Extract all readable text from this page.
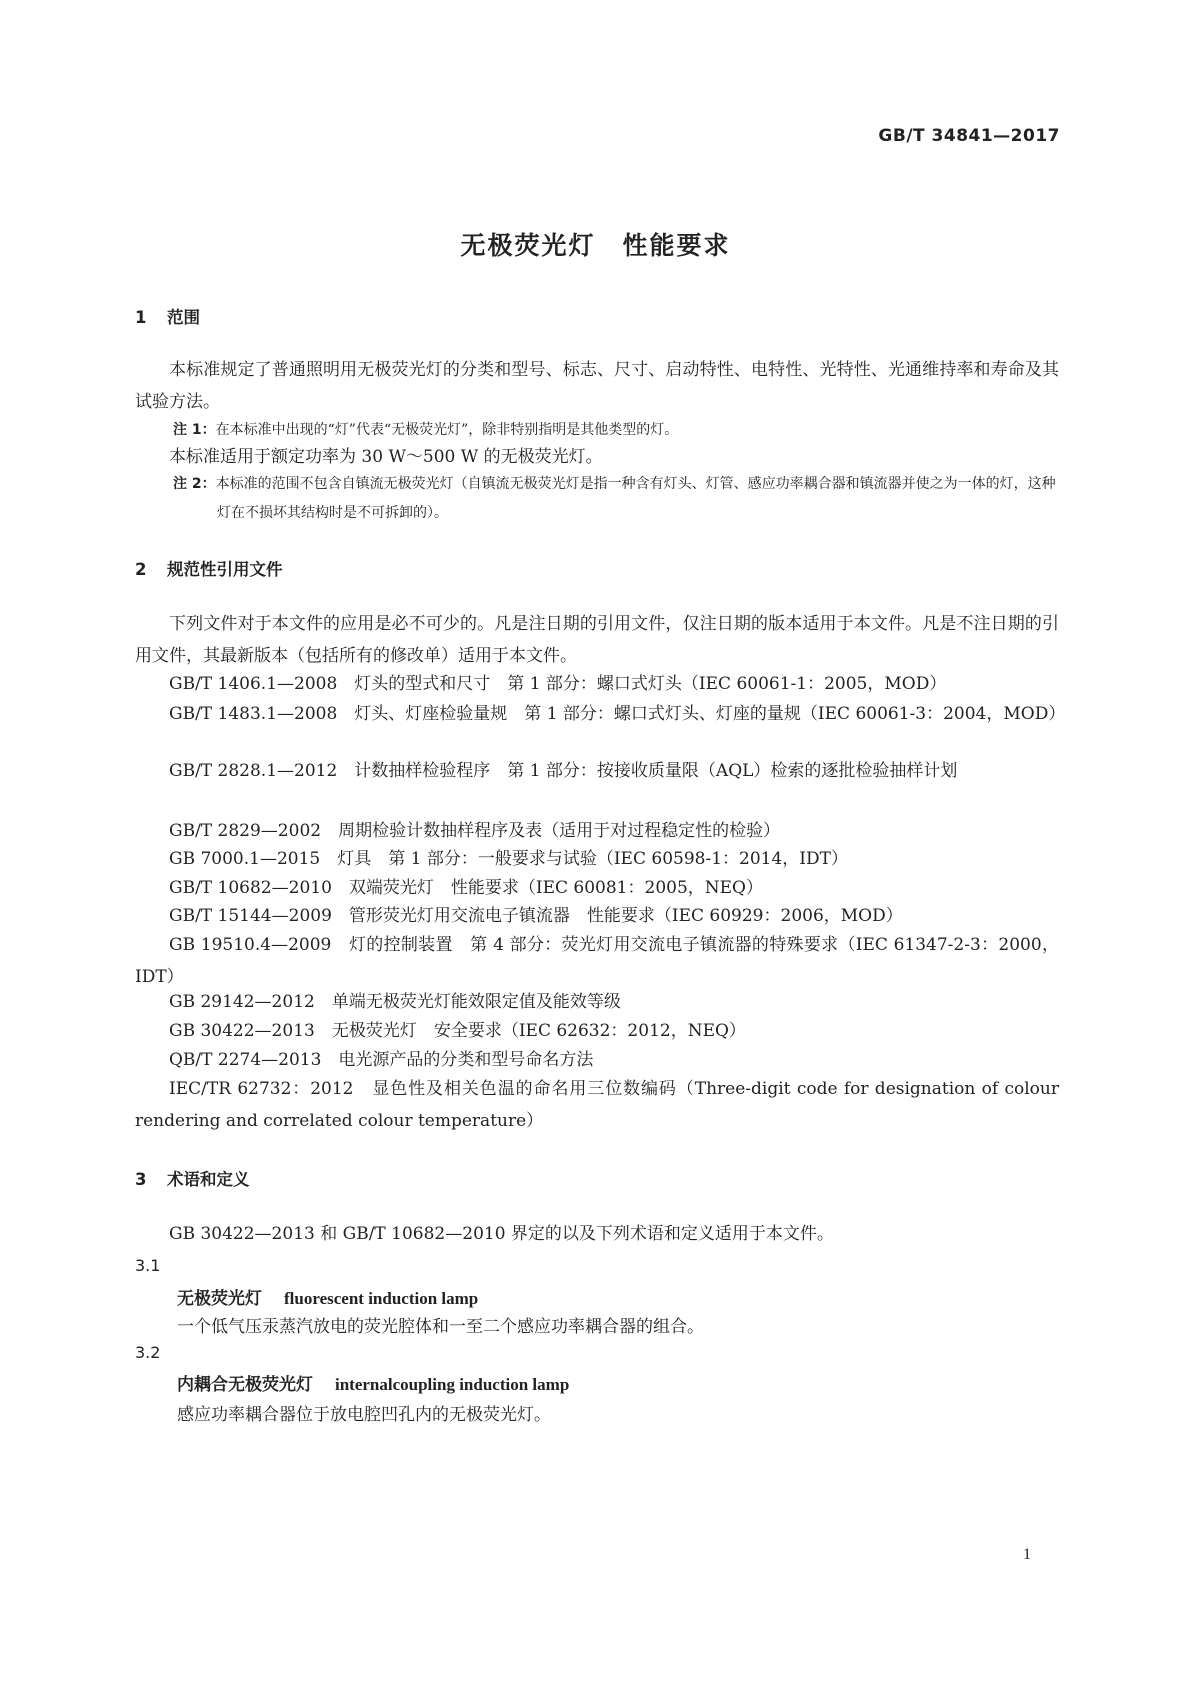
GB/T 34841—2017
无极荧光灯　性能要求
1 范围
本标准规定了普通照明用无极荧光灯的分类和型号、标志、尺寸、启动特性、电特性、光特性、光通维持率和寿命及其试验方法。
注 1：在本标准中出现的“灯”代表“无极荧光灯”，除非特别指明是其他类型的灯。
本标准适用于额定功率为 30 W～500 W 的无极荧光灯。
注 2：本标准的范围不包含自镇流无极荧光灯（自镇流无极荧光灯是指一种含有灯头、灯管、感应功率耦合器和镇流器并使之为一体的灯，这种灯在不损坏其结构时是不可拆卸的）。
2 规范性引用文件
下列文件对于本文件的应用是必不可少的。凡是注日期的引用文件，仅注日期的版本适用于本文件。凡是不注日期的引用文件，其最新版本（包括所有的修改单）适用于本文件。
GB/T 1406.1—2008　灯头的型式和尺寸　第 1 部分：螺口式灯头（IEC 60061-1：2005，MOD）
GB/T 1483.1—2008　灯头、灯座检验量规　第 1 部分：螺口式灯头、灯座的量规（IEC 60061-3：2004，MOD）
GB/T 2828.1—2012　计数抽样检验程序　第 1 部分：按接收质量限（AQL）检索的逐批检验抽样计划
GB/T 2829—2002　周期检验计数抽样程序及表（适用于对过程稳定性的检验）
GB 7000.1—2015　灯具　第 1 部分：一般要求与试验（IEC 60598-1：2014，IDT）
GB/T 10682—2010　双端荧光灯　性能要求（IEC 60081：2005，NEQ）
GB/T 15144—2009　管形荧光灯用交流电子镇流器　性能要求（IEC 60929：2006，MOD）
GB 19510.4—2009　灯的控制装置　第 4 部分：荧光灯用交流电子镇流器的特殊要求（IEC 61347-2-3：2000，IDT）
GB 29142—2012　单端无极荧光灯能效限定值及能效等级
GB 30422—2013　无极荧光灯　安全要求（IEC 62632：2012，NEQ）
QB/T 2274—2013　电光源产品的分类和型号命名方法
IEC/TR 62732：2012　显色性及相关色温的命名用三位数编码（Three-digit code for designation of colour rendering and correlated colour temperature）
3 术语和定义
GB 30422—2013 和 GB/T 10682—2010 界定的以及下列术语和定义适用于本文件。
3.1
无极荧光灯 fluorescent induction lamp
一个低气压汞蒸汽放电的荧光腔体和一至二个感应功率耦合器的组合。
3.2
内耦合无极荧光灯 internalcoupling induction lamp
感应功率耦合器位于放电腔凹孔内的无极荧光灯。
1
